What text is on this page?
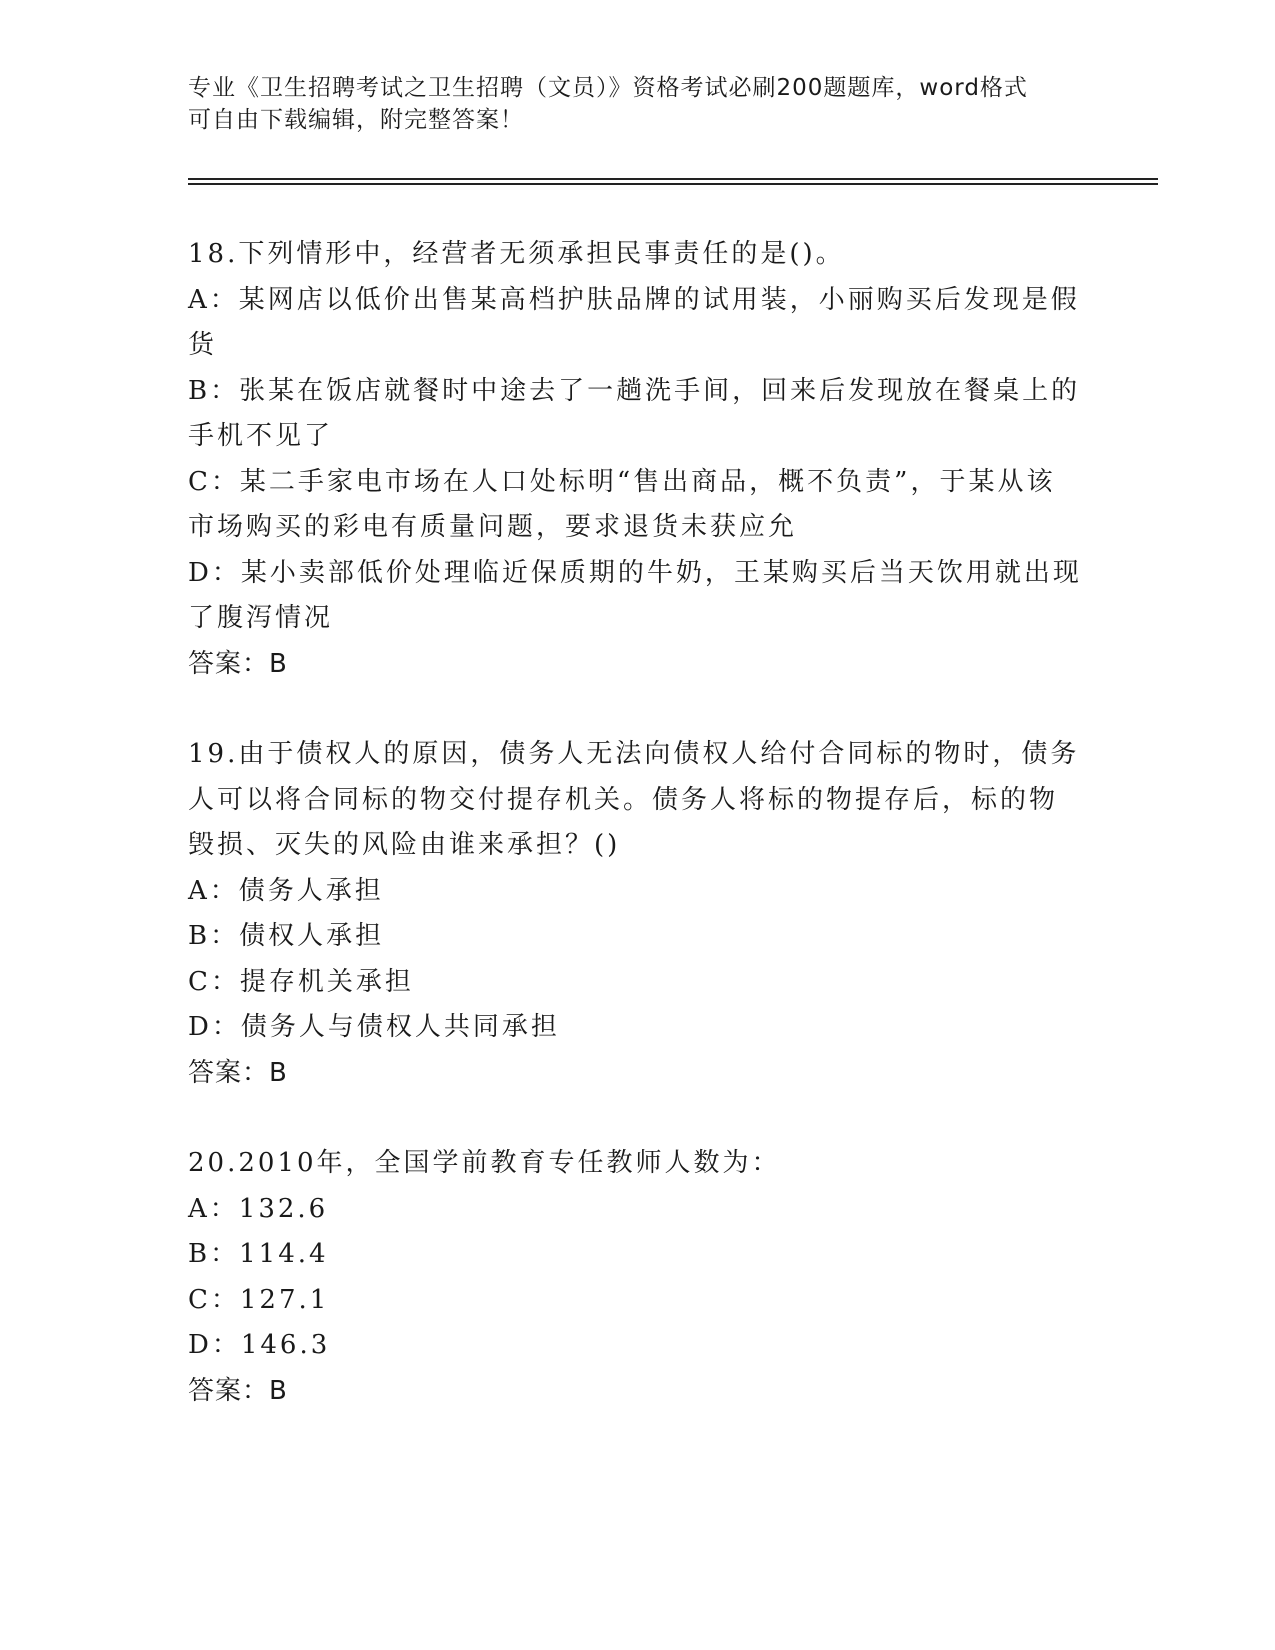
专业《卫生招聘考试之卫生招聘（文员）》资格考试必刷200题题库，word格式
可自由下载编辑，附完整答案！
18.下列情形中，经营者无须承担民事责任的是()。
A：某网店以低价出售某高档护肤品牌的试用装，小丽购买后发现是假
货
B：张某在饭店就餐时中途去了一趟洗手间，回来后发现放在餐桌上的
手机不见了
C：某二手家电市场在人口处标明“售出商品，概不负责”，于某从该
市场购买的彩电有质量问题，要求退货未获应允
D：某小卖部低价处理临近保质期的牛奶，王某购买后当天饮用就出现
了腹泻情况
答案：B
19.由于债权人的原因，债务人无法向债权人给付合同标的物时，债务
人可以将合同标的物交付提存机关。债务人将标的物提存后，标的物
毁损、灭失的风险由谁来承担？()
A：债务人承担
B：债权人承担
C：提存机关承担
D：债务人与债权人共同承担
答案：B
20.2010年，全国学前教育专任教师人数为：
A：132.6
B：114.4
C：127.1
D：146.3
答案：B
